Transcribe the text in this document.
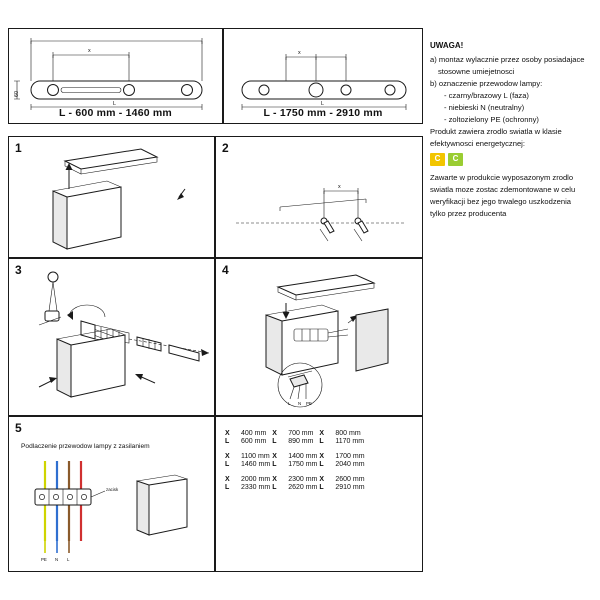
x
60
L
L - 600 mm - 1460 mm
x
L
L - 1750 mm - 2910 mm
1	2
x
3	4
L N PE
5
Podlaczenie przewodow lampy z zasilaniem
zacisk
PE N L
X	400 mm	X	700 mm	X	800 mm
L	600 mm	L	890 mm	L	1170 mm

X	1100 mm	X	1400 mm	X	1700 mm
L	1460 mm	L	1750 mm	L	2040 mm

X	2000 mm	X	2300 mm	X	2600 mm
L	2330 mm	L	2620 mm	L	2910 mm

UWAGA!

a) montaz wylacznie przez osoby posiadajace

stosowne umiejetnosci

b) oznaczenie przewodow lampy:

- czarny/brazowy L (faza)

- niebieski N (neutralny)

- zoltozielony PE (ochronny)

Produkt zawiera zrodlo swiatla w klasie

efektywnosci energetycznej:

C	C

Zawarte w produkcie wyposazonym zrodlo

swiatla moze zostac zdemontowane w celu

weryfikacji bez jego trwalego uszkodzenia

tylko przez producenta
